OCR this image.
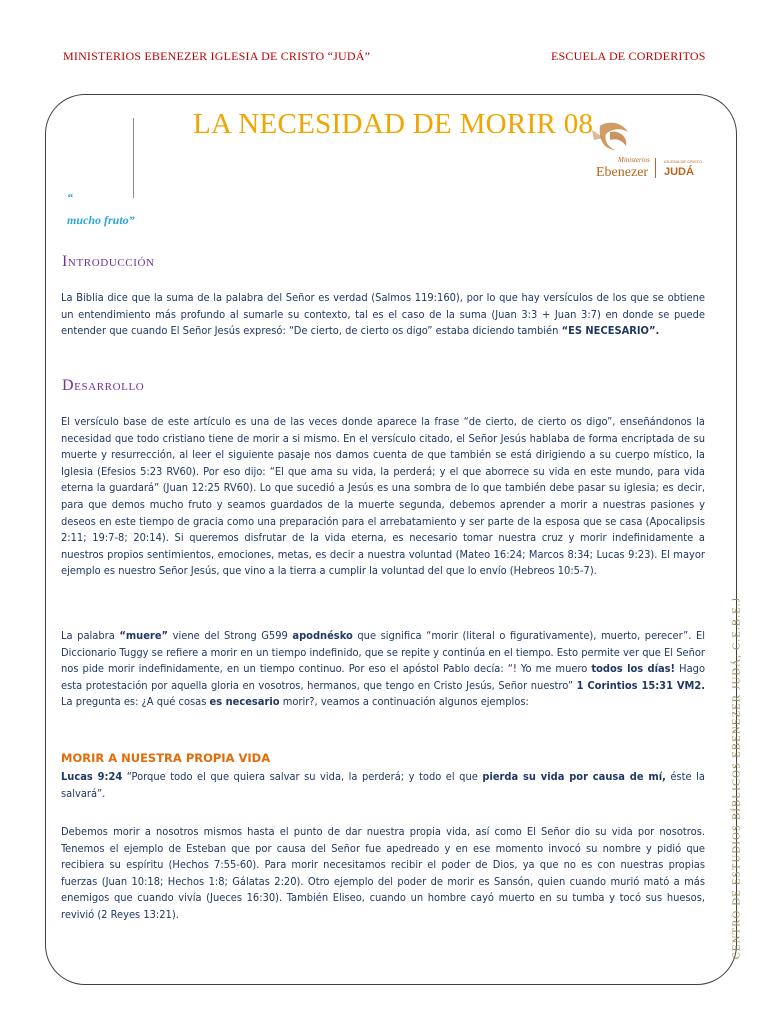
MINISTERIOS EBENEZER IGLESIA DE CRISTO “JUDÁ”	ESCUELA DE CORDERITOS
LA NECESIDAD DE MORIR 08
Ministerios
Ebenezer
IGLESIA DE CRISTO
JUDÁ
“
mucho fruto”
Introducción

La Biblia dice que la suma de la palabra del Señor es verdad (Salmos 119:160), por lo que hay versículos de los que se obtiene un entendimiento más profundo al sumarle su contexto, tal es el caso de la suma (Juan 3:3 + Juan 3:7) en donde se puede entender que cuando El Señor Jesús expresó: “De cierto, de cierto os digo” estaba diciendo también “ES NECESARIO”.

Desarrollo

El versículo base de este artículo es una de las veces donde aparece la frase “de cierto, de cierto os digo”, enseñándonos la necesidad que todo cristiano tiene de morir a si mismo. En el versículo citado, el Señor Jesús hablaba de forma encriptada de su muerte y resurrección, al leer el siguiente pasaje nos damos cuenta de que también se está dirigiendo a su cuerpo místico, la Iglesia (Efesios 5:23 RV60). Por eso dijo: “El que ama su vida, la perderá; y el que aborrece su vida en este mundo, para vida eterna la guardará” (Juan 12:25 RV60). Lo que sucedió a Jesús es una sombra de lo que también debe pasar su iglesia; es decir, para que demos mucho fruto y seamos guardados de la muerte segunda, debemos aprender a morir a nuestras pasiones y deseos en este tiempo de gracia como una preparación para el arrebatamiento y ser parte de la esposa que se casa (Apocalipsis 2:11; 19:7-8; 20:14). Si queremos disfrutar de la vida eterna, es necesario tomar nuestra cruz y morir indefinidamente a nuestros propios sentimientos, emociones, metas, es decir a nuestra voluntad (Mateo 16:24; Marcos 8:34; Lucas 9:23). El mayor ejemplo es nuestro Señor Jesús, que vino a la tierra a cumplir la voluntad del que lo envío (Hebreos 10:5-7).

La palabra “muere” viene del Strong G599 apodnésko que significa “morir (literal o figurativamente), muerto, perecer”. El Diccionario Tuggy se refiere a morir en un tiempo indefinido, que se repite y continúa en el tiempo. Esto permite ver que El Señor nos pide morir indefinidamente, en un tiempo continuo. Por eso el apóstol Pablo decía: “! Yo me muero todos los días! Hago esta protestación por aquella gloria en vosotros, hermanos, que tengo en Cristo Jesús, Señor nuestro” 1 Corintios 15:31 VM2. La pregunta es: ¿A qué cosas es necesario morir?, veamos a continuación algunos ejemplos:

MORIR A NUESTRA PROPIA VIDA

Lucas 9:24 “Porque todo el que quiera salvar su vida, la perderá; y todo el que pierda su vida por causa de mí, éste la salvará”.

Debemos morir a nosotros mismos hasta el punto de dar nuestra propia vida, así como El Señor dio su vida por nosotros. Tenemos el ejemplo de Esteban que por causa del Señor fue apedreado y en ese momento invocó su nombre y pidió que recibiera su espíritu (Hechos 7:55-60). Para morir necesitamos recibir el poder de Dios, ya que no es con nuestras propias fuerzas (Juan 10:18; Hechos 1:8; Gálatas 2:20). Otro ejemplo del poder de morir es Sansón, quien cuando murió mató a más enemigos que cuando vivía (Jueces 16:30). También Eliseo, cuando un hombre cayó muerto en su tumba y tocó sus huesos, revivió (2 Reyes 13:21).	CENTRO DE ESTUDIOS BÍBLICOS EBENEZER JUDÁ, C.E.B.E.J
